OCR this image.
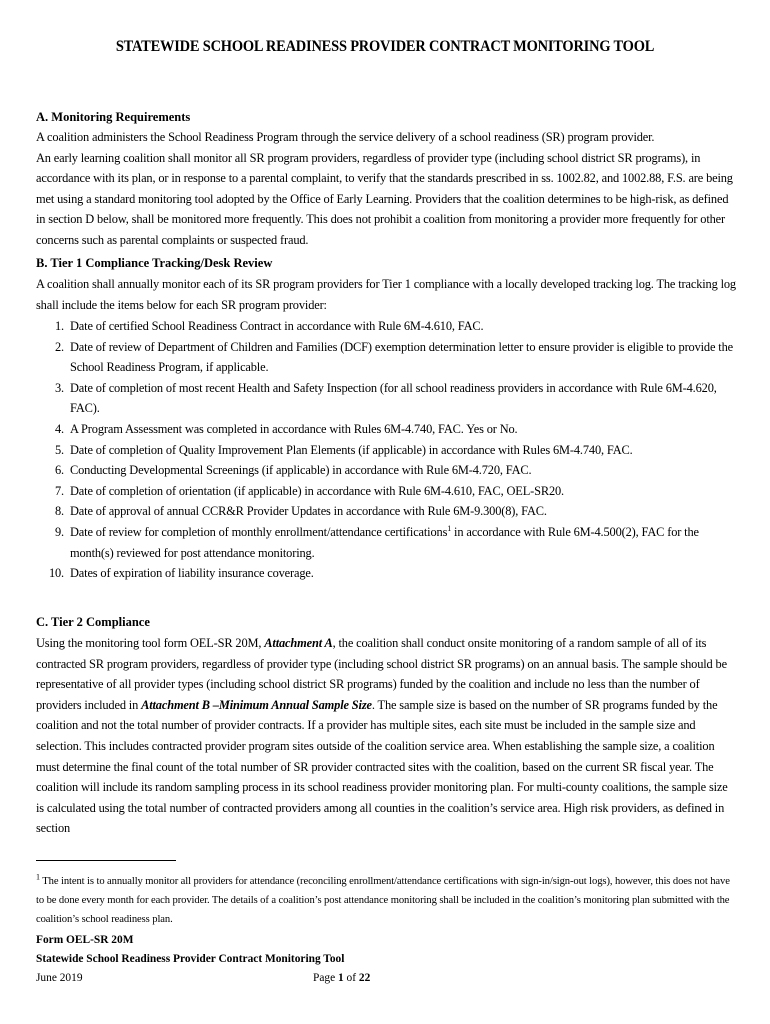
STATEWIDE SCHOOL READINESS PROVIDER CONTRACT MONITORING TOOL
A. Monitoring Requirements

A coalition administers the School Readiness Program through the service delivery of a school readiness (SR) program provider.

An early learning coalition shall monitor all SR program providers, regardless of provider type (including school district SR programs), in accordance with its plan, or in response to a parental complaint, to verify that the standards prescribed in ss. 1002.82, and 1002.88, F.S. are being met using a standard monitoring tool adopted by the Office of Early Learning. Providers that the coalition determines to be high-risk, as defined in section D below, shall be monitored more frequently. This does not prohibit a coalition from monitoring a provider more frequently for other concerns such as parental complaints or suspected fraud.

B. Tier 1 Compliance Tracking/Desk Review
A coalition shall annually monitor each of its SR program providers for Tier 1 compliance with a locally developed tracking log. The tracking log shall include the items below for each SR program provider:
1. Date of certified School Readiness Contract in accordance with Rule 6M-4.610, FAC.
2. Date of review of Department of Children and Families (DCF) exemption determination letter to ensure provider is eligible to provide the School Readiness Program, if applicable.
3. Date of completion of most recent Health and Safety Inspection (for all school readiness providers in accordance with Rule 6M-4.620, FAC).
4. A Program Assessment was completed in accordance with Rules 6M-4.740, FAC. Yes or No.
5. Date of completion of Quality Improvement Plan Elements (if applicable) in accordance with Rules 6M-4.740, FAC.
6. Conducting Developmental Screenings (if applicable) in accordance with Rule 6M-4.720, FAC.
7. Date of completion of orientation (if applicable) in accordance with Rule 6M-4.610, FAC, OEL-SR20.
8. Date of approval of annual CCR&R Provider Updates in accordance with Rule 6M-9.300(8), FAC.
9. Date of review for completion of monthly enrollment/attendance certifications$^1$ in accordance with Rule 6M-4.500(2), FAC for the month(s) reviewed for post attendance monitoring.
10. Dates of expiration of liability insurance coverage.
C. Tier 2 Compliance
Using the monitoring tool form OEL-SR 20M, Attachment A, the coalition shall conduct onsite monitoring of a random sample of all of its contracted SR program providers, regardless of provider type (including school district SR programs) on an annual basis. The sample should be representative of all provider types (including school district SR programs) funded by the coalition and include no less than the number of providers included in Attachment B –Minimum Annual Sample Size. The sample size is based on the number of SR programs funded by the coalition and not the total number of provider contracts. If a provider has multiple sites, each site must be included in the sample size and selection. This includes contracted provider program sites outside of the coalition service area. When establishing the sample size, a coalition must determine the final count of the total number of SR provider contracted sites with the coalition, based on the current SR fiscal year. The coalition will include its random sampling process in its school readiness provider monitoring plan. For multi-county coalitions, the sample size is calculated using the total number of contracted providers among all counties in the coalition’s service area. High risk providers, as defined in section
$^1$ The intent is to annually monitor all providers for attendance (reconciling enrollment/attendance certifications with sign-in/sign-out logs), however, this does not have to be done every month for each provider. The details of a coalition’s post attendance monitoring shall be included in the coalition’s monitoring plan submitted with the coalition’s school readiness plan.
Form OEL-SR 20M
Statewide School Readiness Provider Contract Monitoring Tool
June 2019	Page 1 of 22
